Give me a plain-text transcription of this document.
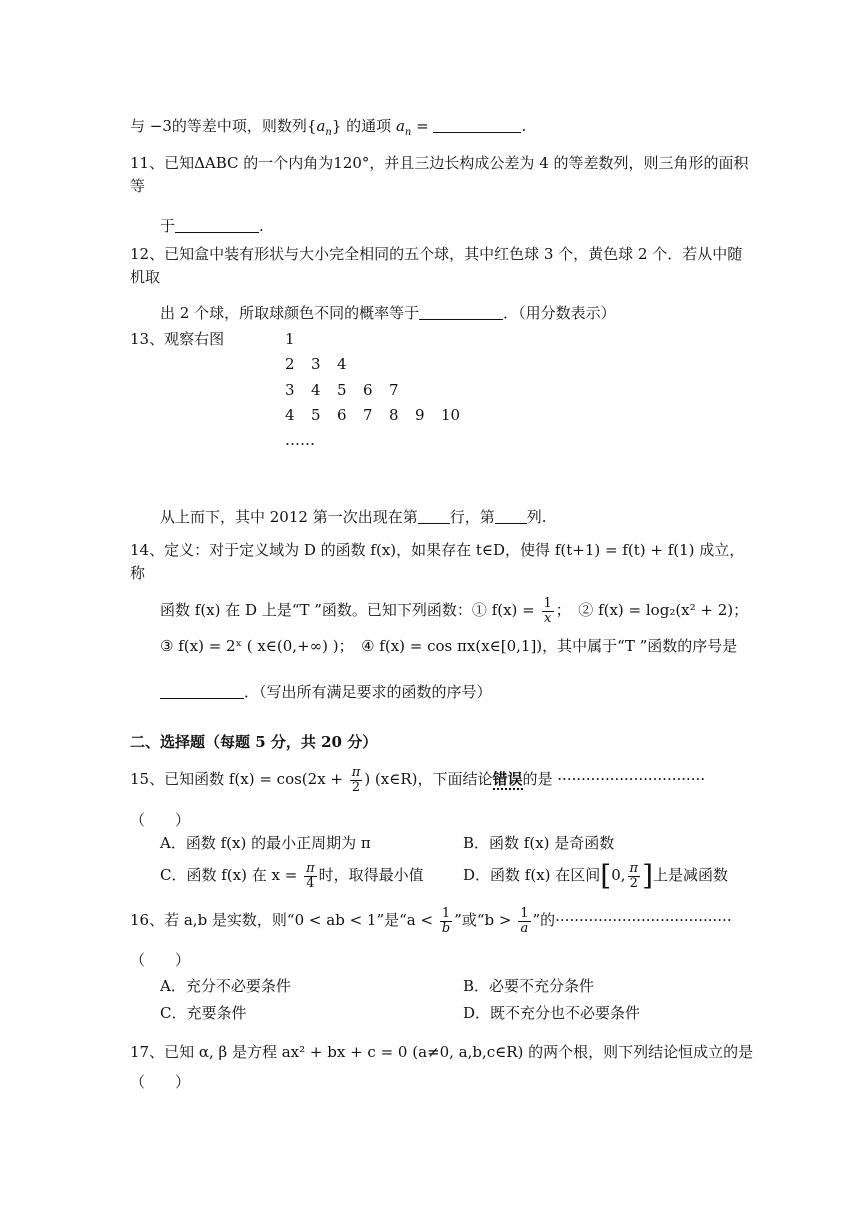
与 −3的等差中项，则数列$\{a_n\}$ 的通项 $a_n$ =	.
11、已知ΔABC 的一个内角为120°，并且三边长构成公差为 4 的等差数列，则三角形的面积
等
于	.
12、已知盒中装有形状与大小完全相同的五个球，其中红色球 3 个，黄色球 2 个．若从中随
机取
出 2 个球，所取球颜色不同的概率等于	．（用分数表示）
13、观察右图	1
2 3 4
3 4 5 6 7
4 5 6 7 8 9 10
……
从上而下，其中 2012 第一次出现在第 行，第 列.
14、定义：对于定义域为 D 的函数 f(x)，如果存在 t∈D，使得 f(t+1) = f(t) + f(1) 成立，
称
函数 f(x) 在 D 上是“T ”函数。已知下列函数：① $f(x) = \frac{1}{x}$ ；　② f(x) = log₂(x² + 2)；
③ f(x) = 2ˣ ( x∈(0,+∞) )；　④ f(x) = cos πx(x∈[0,1])，其中属于“T ”函数的序号是
．（写出所有满足要求的函数的序号）
二、选择题（每题 5 分，共 20 分）
15、已知函数 $f(x) = \cos(2x + \frac{\pi}{2}$ ) (x∈R)，下面结论错误的是 ·······························
（　　）
A．函数 f(x) 的最小正周期为 π	B．函数 f(x) 是奇函数
C．函数 f(x) 在 $x = \frac{\pi}{4}$ 时，取得最小值	D．函数 f(x) 在区间[0, $\frac{\pi}{2}$ ]上是减函数
16、若 a,b 是实数，则“0 < ab < 1”是“$a < \frac{1}{b}$ ”或“$b > \frac{1}{a}$ ”的·····································
（　　）
A．充分不必要条件	B．必要不充分条件
C．充要条件	D．既不充分也不必要条件
17、已知 α, β 是方程 ax² + bx + c = 0 (a≠0, a,b,c∈R) 的两个根，则下列结论恒成立的是
（　　）
